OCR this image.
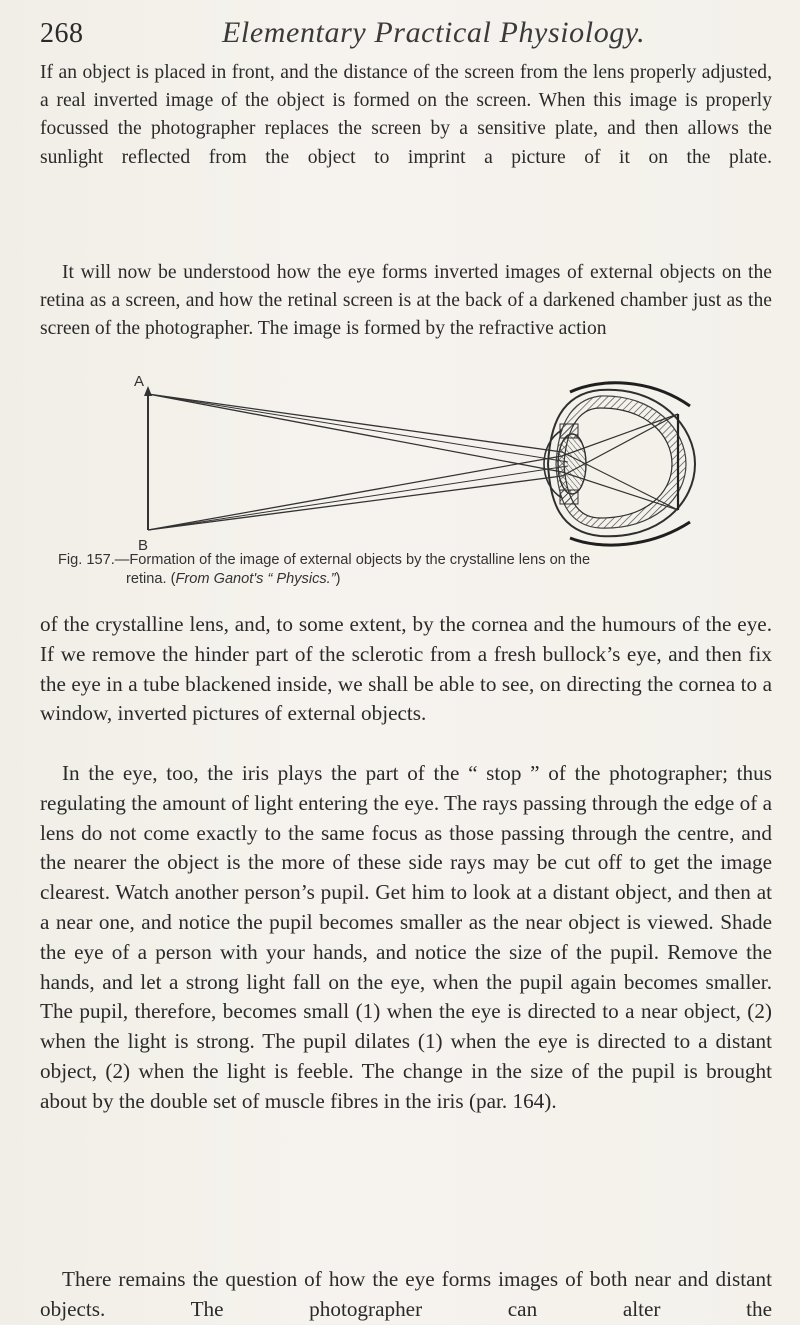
268	Elementary Practical Physiology.

If an object is placed in front, and the distance of the screen from the lens properly adjusted, a real inverted image of the object is formed on the screen. When this image is properly focussed the photographer replaces the screen by a sensitive plate, and then allows the sunlight reflected from the object to imprint a picture of it on the plate.

It will now be understood how the eye forms inverted images of external objects on the retina as a screen, and how the retinal screen is at the back of a darkened chamber just as the screen of the photographer. The image is formed by the refractive action

A
B
Fig. 157.—Formation of the image of external objects by the crystalline lens on the
retina. (From Ganot's “ Physics.”)

of the crystalline lens, and, to some extent, by the cornea and the humours of the eye. If we remove the hinder part of the sclerotic from a fresh bullock’s eye, and then fix the eye in a tube blackened inside, we shall be able to see, on directing the cornea to a window, inverted pictures of external objects.

In the eye, too, the iris plays the part of the “ stop ” of the photographer; thus regulating the amount of light entering the eye. The rays passing through the edge of a lens do not come exactly to the same focus as those passing through the centre, and the nearer the object is the more of these side rays may be cut off to get the image clearest. Watch another person’s pupil. Get him to look at a distant object, and then at a near one, and notice the pupil becomes smaller as the near object is viewed. Shade the eye of a person with your hands, and notice the size of the pupil. Remove the hands, and let a strong light fall on the eye, when the pupil again becomes smaller. The pupil, therefore, becomes small (1) when the eye is directed to a near object, (2) when the light is strong. The pupil dilates (1) when the eye is directed to a distant object, (2) when the light is feeble. The change in the size of the pupil is brought about by the double set of muscle fibres in the iris (par. 164).

There remains the question of how the eye forms images of both near and distant objects. The photographer can alter the
